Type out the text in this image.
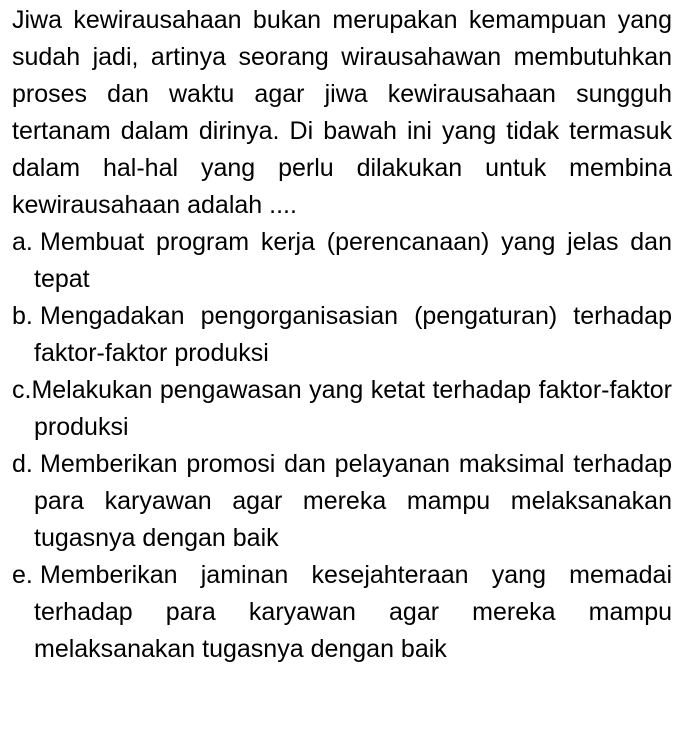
Jiwa kewirausahaan bukan merupakan kemampuan yang sudah jadi, artinya seorang wirausahawan membutuhkan proses dan waktu agar jiwa kewirausahaan sungguh tertanam dalam dirinya. Di bawah ini yang tidak termasuk dalam hal-hal yang perlu dilakukan untuk membina kewirausahaan adalah ....

a. Membuat program kerja (perencanaan) yang jelas dan tepat
b. Mengadakan pengorganisasian (pengaturan) terhadap faktor-faktor produksi
c.Melakukan pengawasan yang ketat terhadap faktor-faktor produksi
d. Memberikan promosi dan pelayanan maksimal terhadap para karyawan agar mereka mampu melaksanakan tugasnya dengan baik
e. Memberikan jaminan kesejahteraan yang memadai terhadap para karyawan agar mereka mampu melaksanakan tugasnya dengan baik
